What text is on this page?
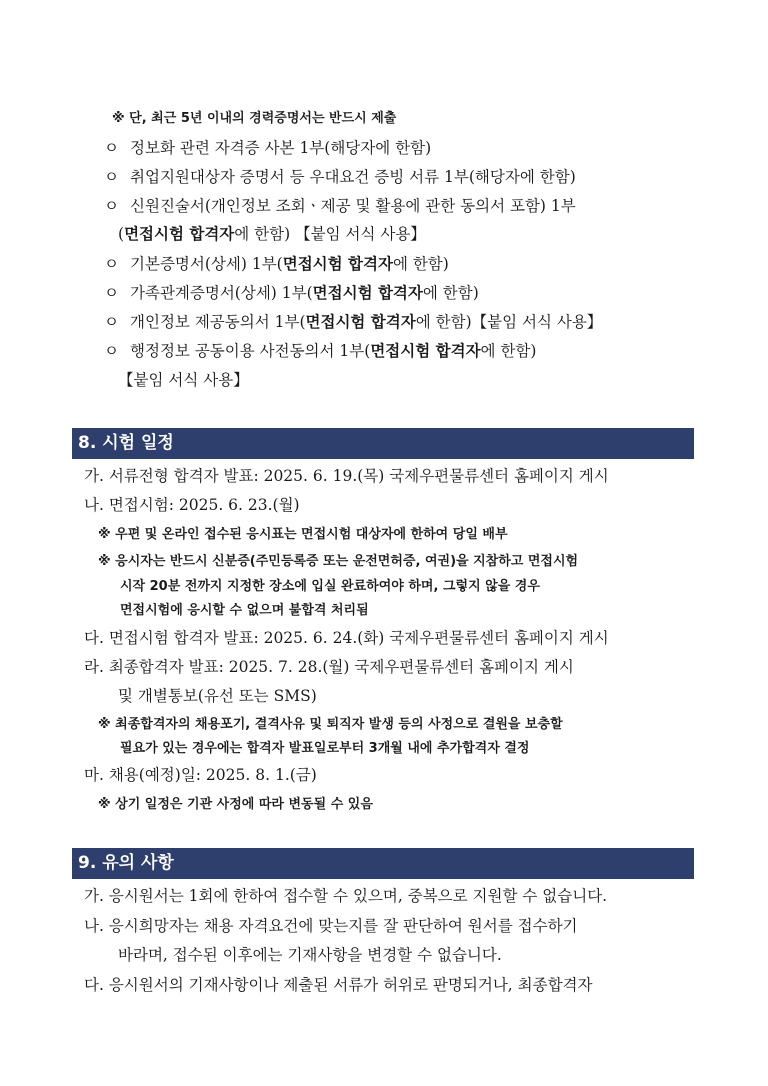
※ 단, 최근 5년 이내의 경력증명서는 반드시 제출
ㅇ 정보화 관련 자격증 사본 1부(해당자에 한함)
ㅇ 취업지원대상자 증명서 등 우대요건 증빙 서류 1부(해당자에 한함)
ㅇ 신원진술서(개인정보 조회ㆍ제공 및 활용에 관한 동의서 포함) 1부
(면접시험 합격자에 한함) 【붙임 서식 사용】
ㅇ 기본증명서(상세) 1부(면접시험 합격자에 한함)
ㅇ 가족관계증명서(상세) 1부(면접시험 합격자에 한함)
ㅇ 개인정보 제공동의서 1부(면접시험 합격자에 한함)【붙임 서식 사용】
ㅇ 행정정보 공동이용 사전동의서 1부(면접시험 합격자에 한함)
【붙임 서식 사용】
8. 시험 일정
가. 서류전형 합격자 발표: 2025. 6. 19.(목) 국제우편물류센터 홈페이지 게시
나. 면접시험: 2025. 6. 23.(월)
※ 우편 및 온라인 접수된 응시표는 면접시험 대상자에 한하여 당일 배부
※ 응시자는 반드시 신분증(주민등록증 또는 운전면허증, 여권)을 지참하고 면접시험
시작 20분 전까지 지정한 장소에 입실 완료하여야 하며, 그렇지 않을 경우
면접시험에 응시할 수 없으며 불합격 처리됨
다. 면접시험 합격자 발표: 2025. 6. 24.(화) 국제우편물류센터 홈페이지 게시
라. 최종합격자 발표: 2025. 7. 28.(월) 국제우편물류센터 홈페이지 게시
및 개별통보(유선 또는 SMS)
※ 최종합격자의 채용포기, 결격사유 및 퇴직자 발생 등의 사정으로 결원을 보충할
필요가 있는 경우에는 합격자 발표일로부터 3개월 내에 추가합격자 결정
마. 채용(예정)일: 2025. 8. 1.(금)
※ 상기 일정은 기관 사정에 따라 변동될 수 있음
9. 유의 사항
가. 응시원서는 1회에 한하여 접수할 수 있으며, 중복으로 지원할 수 없습니다.
나. 응시희망자는 채용 자격요건에 맞는지를 잘 판단하여 원서를 접수하기
바라며, 접수된 이후에는 기재사항을 변경할 수 없습니다.
다. 응시원서의 기재사항이나 제출된 서류가 허위로 판명되거나, 최종합격자
